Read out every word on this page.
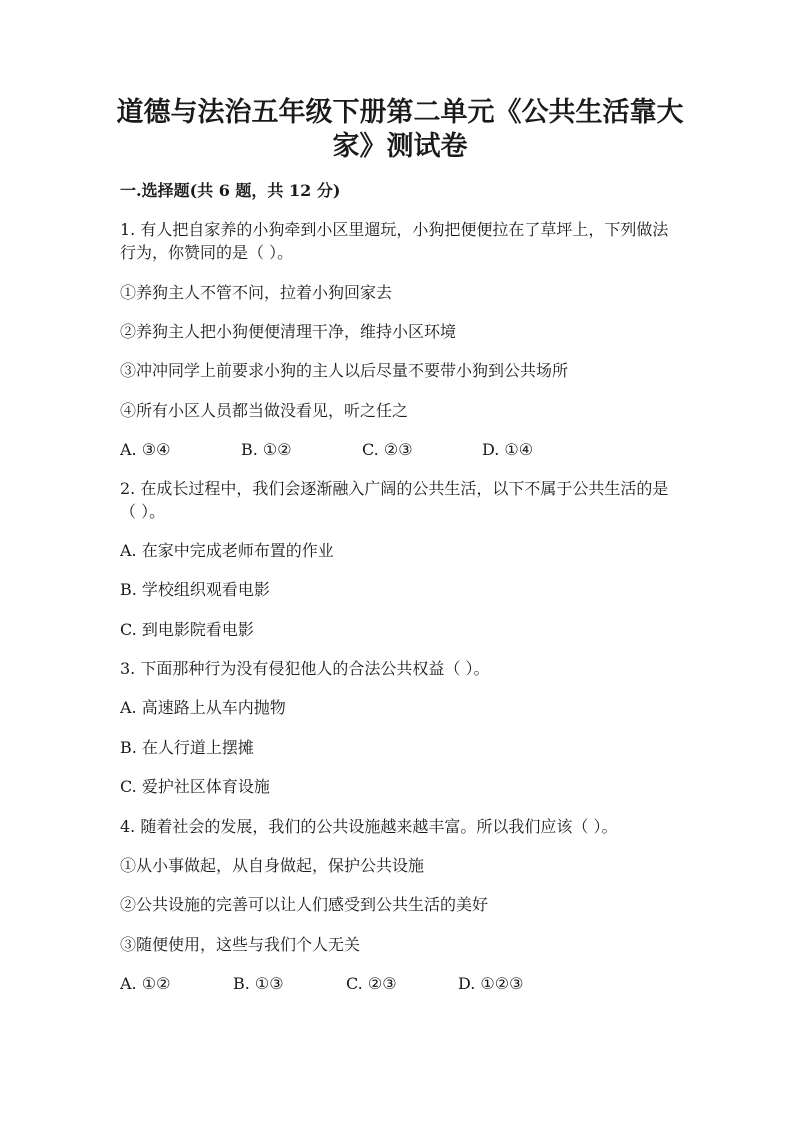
道德与法治五年级下册第二单元《公共生活靠大
家》测试卷
一.选择题(共 6 题，共 12 分)
1. 有人把自家养的小狗牵到小区里遛玩，小狗把便便拉在了草坪上，下列做法
行为，你赞同的是（ ）。
①养狗主人不管不问，拉着小狗回家去
②养狗主人把小狗便便清理干净，维持小区环境
③冲冲同学上前要求小狗的主人以后尽量不要带小狗到公共场所
④所有小区人员都当做没看见，听之任之
A. ③④	B. ①②	C. ②③	D. ①④
2. 在成长过程中，我们会逐渐融入广阔的公共生活，以下不属于公共生活的是
（ ）。
A. 在家中完成老师布置的作业
B. 学校组织观看电影
C. 到电影院看电影
3. 下面那种行为没有侵犯他人的合法公共权益（ ）。
A. 高速路上从车内抛物
B. 在人行道上摆摊
C. 爱护社区体育设施
4. 随着社会的发展，我们的公共设施越来越丰富。所以我们应该（ ）。
①从小事做起，从自身做起，保护公共设施
②公共设施的完善可以让人们感受到公共生活的美好
③随便使用，这些与我们个人无关
A. ①②	B. ①③	C. ②③	D. ①②③
